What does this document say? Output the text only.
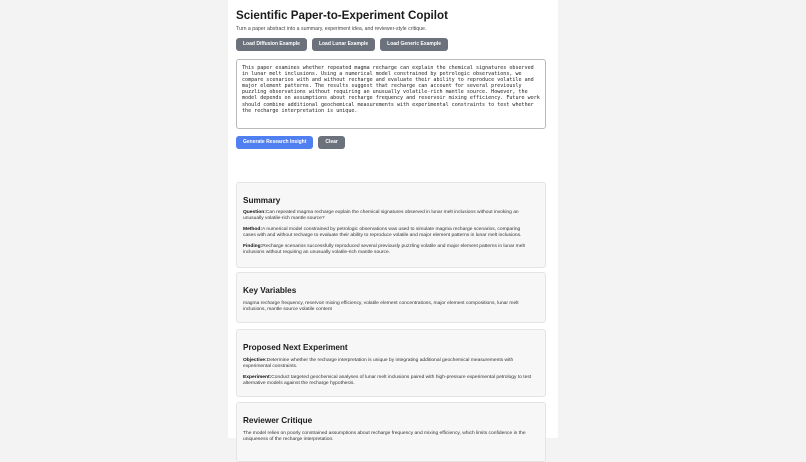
Scientific Paper-to-Experiment Copilot
Turn a paper abstract into a summary, experiment idea, and reviewer-style critique.
Load Diffusion Example	Load Lunar Example	Load Generic Example
This paper examines whether repeated magma recharge can explain the chemical signatures observed in lunar melt inclusions. Using a numerical model constrained by petrologic observations, we compare scenarios with and without recharge and evaluate their ability to reproduce volatile and major element patterns. The results suggest that recharge can account for several previously puzzling observations without requiring an unusually volatile-rich mantle source. However, the model depends on assumptions about recharge frequency and reservoir mixing efficiency. Future work should combine additional geochemical measurements with experimental constraints to test whether the recharge interpretation is unique.
Generate Research Insight	Clear
Summary

Question:Can repeated magma recharge explain the chemical signatures observed in lunar melt inclusions without invoking an unusually volatile-rich mantle source?

Method:A numerical model constrained by petrologic observations was used to simulate magma recharge scenarios, comparing cases with and without recharge to evaluate their ability to reproduce volatile and major element patterns in lunar melt inclusions.

Finding:Recharge scenarios successfully reproduced several previously puzzling volatile and major element patterns in lunar melt inclusions without requiring an unusually volatile-rich mantle source.

Key Variables

magma recharge frequency, reservoir mixing efficiency, volatile element concentrations, major element compositions, lunar melt inclusions, mantle source volatile content

Proposed Next Experiment

Objective:Determine whether the recharge interpretation is unique by integrating additional geochemical measurements with experimental constraints.

Experiment:Conduct targeted geochemical analyses of lunar melt inclusions paired with high-pressure experimental petrology to test alternative models against the recharge hypothesis.

Reviewer Critique

The model relies on poorly constrained assumptions about recharge frequency and mixing efficiency, which limits confidence in the uniqueness of the recharge interpretation.
